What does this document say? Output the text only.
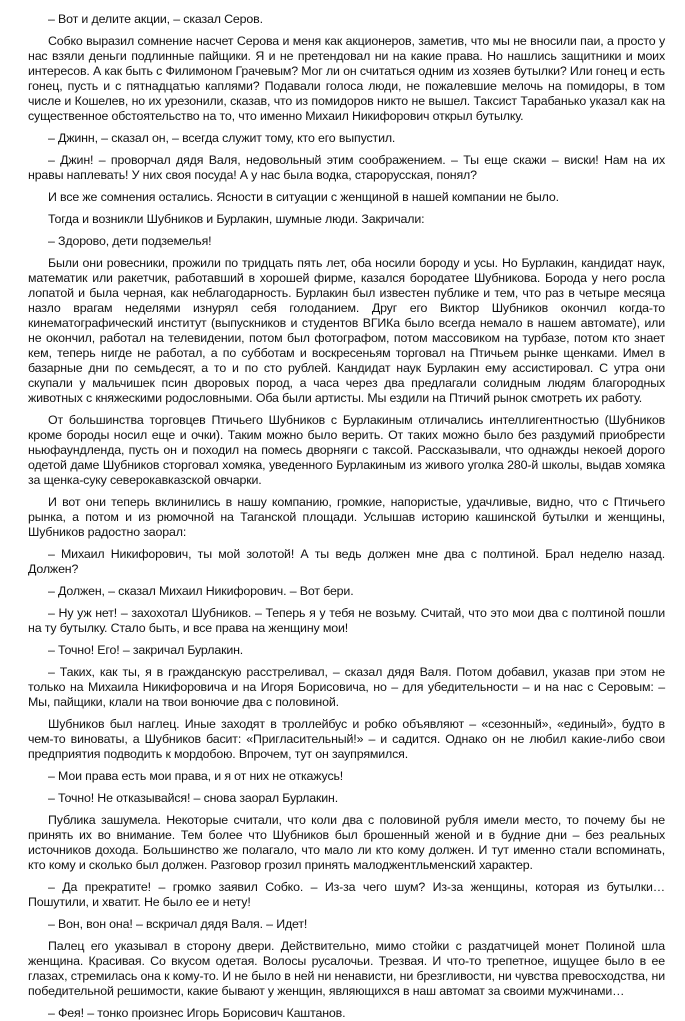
– Вот и делите акции, – сказал Серов.

Собко выразил сомнение насчет Серова и меня как акционеров, заметив, что мы не вносили паи, а просто у нас взяли деньги подлинные пайщики. Я и не претендовал ни на какие права. Но нашлись защитники и моих интересов. А как быть с Филимоном Грачевым? Мог ли он считаться одним из хозяев бутылки? Или гонец и есть гонец, пусть и с пятнадцатью каплями? Подавали голоса люди, не пожалевшие мелочь на помидоры, в том числе и Кошелев, но их урезонили, сказав, что из помидоров никто не вышел. Таксист Тарабанько указал как на существенное обстоятельство на то, что именно Михаил Никифорович открыл бутылку.

– Джинн, – сказал он, – всегда служит тому, кто его выпустил.

– Джин! – проворчал дядя Валя, недовольный этим соображением. – Ты еще скажи – виски! Нам на их нравы наплевать! У них своя посуда! А у нас была водка, старорусская, понял?

И все же сомнения остались. Ясности в ситуации с женщиной в нашей компании не было.

Тогда и возникли Шубников и Бурлакин, шумные люди. Закричали:

– Здорово, дети подземелья!

Были они ровесники, прожили по тридцать пять лет, оба носили бороду и усы. Но Бурлакин, кандидат наук, математик или ракетчик, работавший в хорошей фирме, казался бородатее Шубникова. Борода у него росла лопатой и была черная, как неблагодарность. Бурлакин был известен публике и тем, что раз в четыре месяца назло врагам неделями изнурял себя голоданием. Друг его Виктор Шубников окончил когда-то кинематографический институт (выпускников и студентов ВГИКа было всегда немало в нашем автомате), или не окончил, работал на телевидении, потом был фотографом, потом массовиком на турбазе, потом кто знает кем, теперь нигде не работал, а по субботам и воскресеньям торговал на Птичьем рынке щенками. Имел в базарные дни по семьдесят, а то и по сто рублей. Кандидат наук Бурлакин ему ассистировал. С утра они скупали у мальчишек псин дворовых пород, а часа через два предлагали солидным людям благородных животных с княжескими родословными. Оба были артисты. Мы ездили на Птичий рынок смотреть их работу.

От большинства торговцев Птичьего Шубников с Бурлакиным отличались интеллигентностью (Шубников кроме бороды носил еще и очки). Таким можно было верить. От таких можно было без раздумий приобрести ньюфаундленда, пусть он и походил на помесь дворняги с таксой. Рассказывали, что однажды некоей дорого одетой даме Шубников сторговал хомяка, уведенного Бурлакиным из живого уголка 280-й школы, выдав хомяка за щенка-суку северокавказской овчарки.

И вот они теперь вклинились в нашу компанию, громкие, напористые, удачливые, видно, что с Птичьего рынка, а потом и из рюмочной на Таганской площади. Услышав историю кашинской бутылки и женщины, Шубников радостно заорал:

– Михаил Никифорович, ты мой золотой! А ты ведь должен мне два с полтиной. Брал неделю назад. Должен?

– Должен, – сказал Михаил Никифорович. – Вот бери.

– Ну уж нет! – захохотал Шубников. – Теперь я у тебя не возьму. Считай, что это мои два с полтиной пошли на ту бутылку. Стало быть, и все права на женщину мои!

– Точно! Его! – закричал Бурлакин.

– Таких, как ты, я в гражданскую расстреливал, – сказал дядя Валя. Потом добавил, указав при этом не только на Михаила Никифоровича и на Игоря Борисовича, но – для убедительности – и на нас с Серовым: – Мы, пайщики, клали на твои вонючие два с половиной.

Шубников был наглец. Иные заходят в троллейбус и робко объявляют – «сезонный», «единый», будто в чем-то виноваты, а Шубников басит: «Пригласительный!» – и садится. Однако он не любил какие-либо свои предприятия подводить к мордобою. Впрочем, тут он заупрямился.

– Мои права есть мои права, и я от них не откажусь!

– Точно! Не отказывайся! – снова заорал Бурлакин.

Публика зашумела. Некоторые считали, что коли два с половиной рубля имели место, то почему бы не принять их во внимание. Тем более что Шубников был брошенный женой и в будние дни – без реальных источников дохода. Большинство же полагало, что мало ли кто кому должен. И тут именно стали вспоминать, кто кому и сколько был должен. Разговор грозил принять малоджентльменский характер.

– Да прекратите! – громко заявил Собко. – Из-за чего шум? Из-за женщины, которая из бутылки… Пошутили, и хватит. Не было ее и нету!

– Вон, вон она! – вскричал дядя Валя. – Идет!

Палец его указывал в сторону двери. Действительно, мимо стойки с раздатчицей монет Полиной шла женщина. Красивая. Со вкусом одетая. Волосы русалочьи. Трезвая. И что-то трепетное, ищущее было в ее глазах, стремилась она к кому-то. И не было в ней ни ненависти, ни брезгливости, ни чувства превосходства, ни победительной решимости, какие бывают у женщин, являющихся в наш автомат за своими мужчинами…

– Фея! – тонко произнес Игорь Борисович Каштанов.
